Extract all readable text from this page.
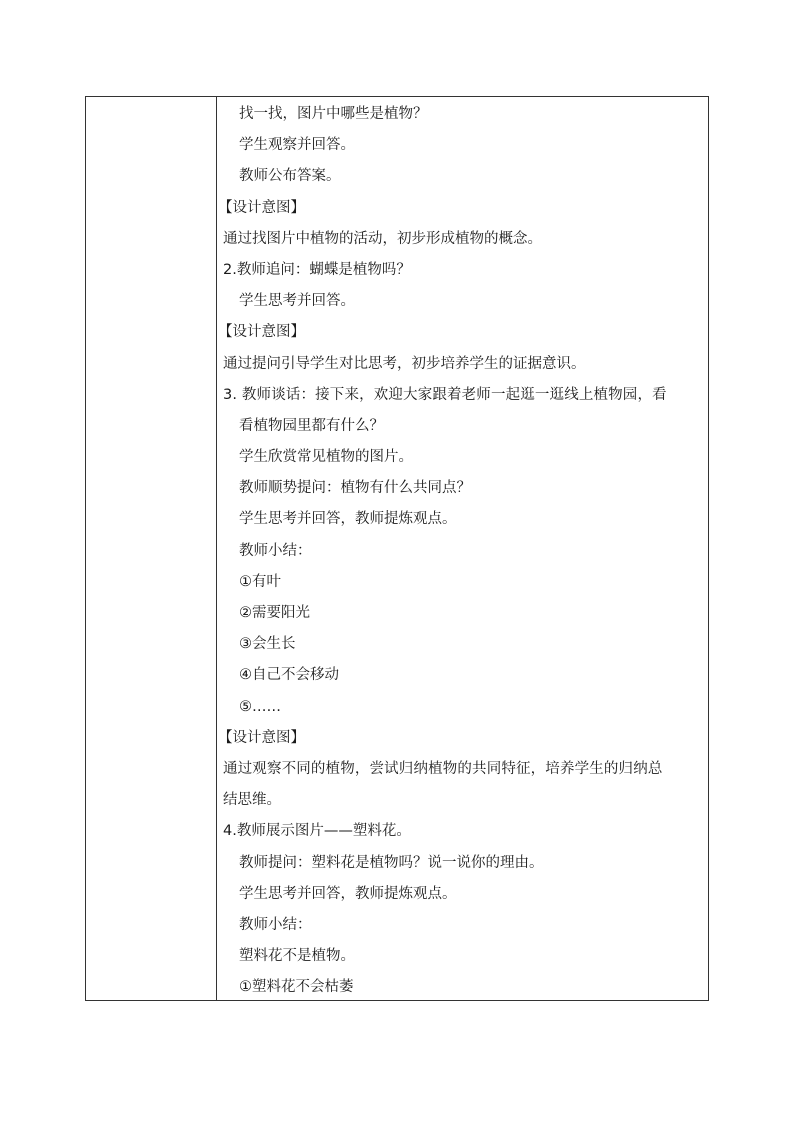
找一找，图片中哪些是植物？
学生观察并回答。
教师公布答案。
【设计意图】
通过找图片中植物的活动，初步形成植物的概念。
2.教师追问：蝴蝶是植物吗？
学生思考并回答。
【设计意图】
通过提问引导学生对比思考，初步培养学生的证据意识。
3. 教师谈话：接下来，欢迎大家跟着老师一起逛一逛线上植物园，看
看植物园里都有什么？
学生欣赏常见植物的图片。
教师顺势提问：植物有什么共同点？
学生思考并回答，教师提炼观点。
教师小结：
①有叶
②需要阳光
③会生长
④自己不会移动
⑤……
【设计意图】
通过观察不同的植物，尝试归纳植物的共同特征，培养学生的归纳总
结思维。
4.教师展示图片——塑料花。
教师提问：塑料花是植物吗？说一说你的理由。
学生思考并回答，教师提炼观点。
教师小结：
塑料花不是植物。
①塑料花不会枯萎
